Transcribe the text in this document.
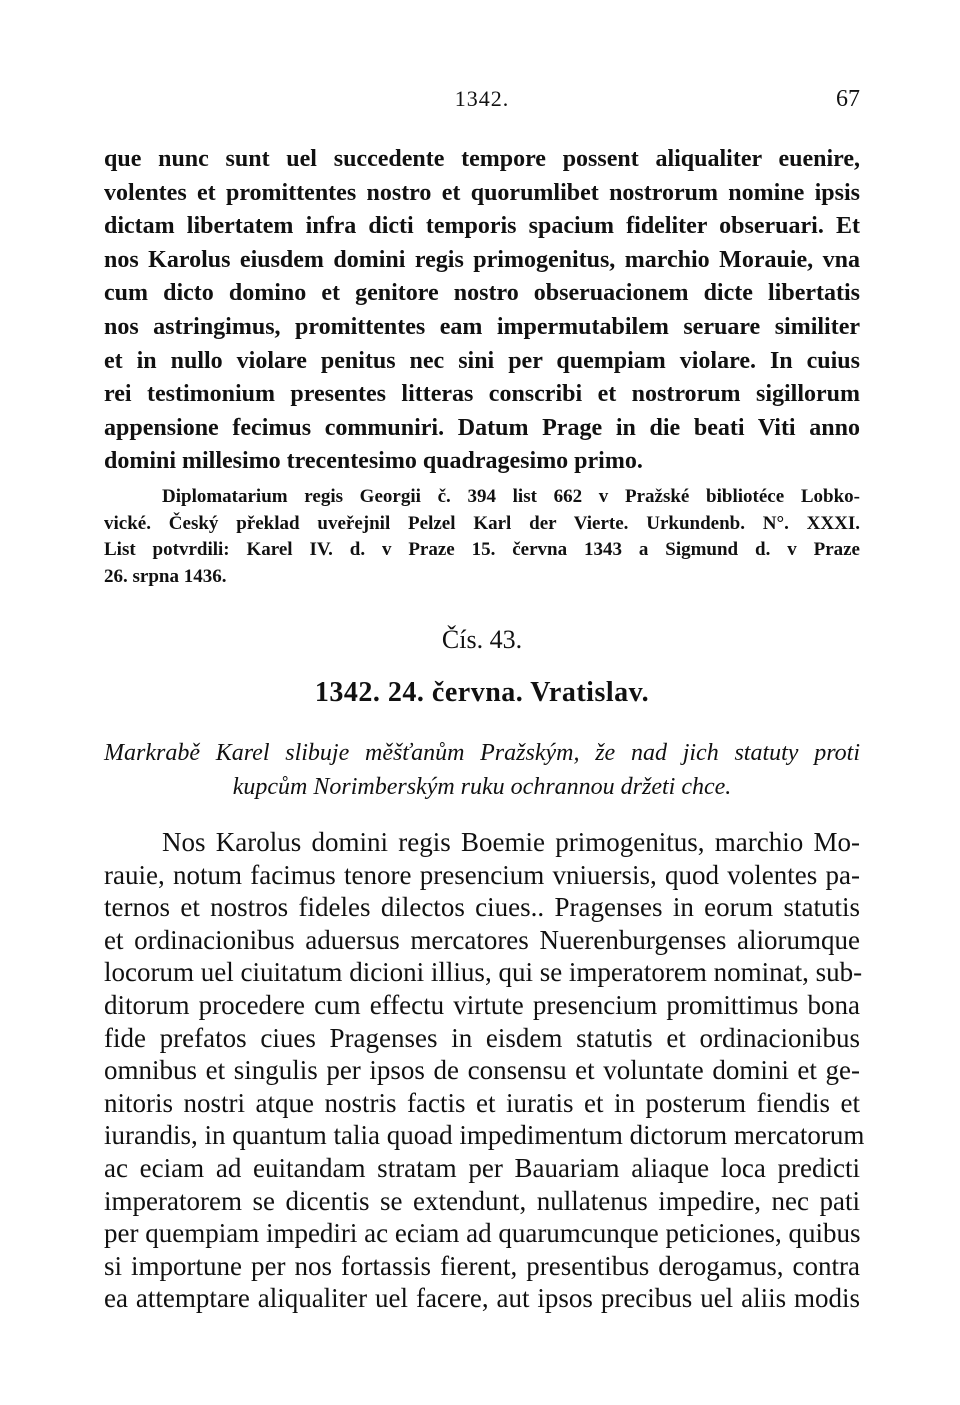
1342.	67
que nunc sunt uel succedente tempore possent aliqualiter euenire,
volentes et promittentes nostro et quorumlibet nostrorum nomine ipsis
dictam libertatem infra dicti temporis spacium fideliter obseruari. Et
nos Karolus eiusdem domini regis primogenitus, marchio Morauie, vna
cum dicto domino et genitore nostro obseruacionem dicte libertatis
nos astringimus, promittentes eam impermutabilem seruare similiter
et in nullo violare penitus nec sini per quempiam violare. In cuius
rei testimonium presentes litteras conscribi et nostrorum sigillorum
appensione fecimus communiri. Datum Prage in die beati Viti anno
domini millesimo trecentesimo quadragesimo primo.
Diplomatarium regis Georgii č. 394 list 662 v Pražské bibliotéce Lobko-
vické. Český překlad uveřejnil Pelzel Karl der Vierte. Urkundenb. N°. XXXI.
List potvrdili: Karel IV. d. v Praze 15. června 1343 a Sigmund d. v Praze
26. srpna 1436.
Čís. 43.
1342. 24. června. Vratislav.
Markrabě Karel slibuje měšťanům Pražským, že nad jich statuty proti
kupcům Norimberským ruku ochrannou držeti chce.
Nos Karolus domini regis Boemie primogenitus, marchio Mo-
rauie, notum facimus tenore presencium vniuersis, quod volentes pa-
ternos et nostros fideles dilectos ciues.. Pragenses in eorum statutis
et ordinacionibus aduersus mercatores Nuerenburgenses aliorumque
locorum uel ciuitatum dicioni illius, qui se imperatorem nominat, sub-
ditorum procedere cum effectu virtute presencium promittimus bona
fide prefatos ciues Pragenses in eisdem statutis et ordinacionibus
omnibus et singulis per ipsos de consensu et voluntate domini et ge-
nitoris nostri atque nostris factis et iuratis et in posterum fiendis et
iurandis, in quantum talia quoad impedimentum dictorum mercatorum
ac eciam ad euitandam stratam per Bauariam aliaque loca predicti
imperatorem se dicentis se extendunt, nullatenus impedire, nec pati
per quempiam impediri ac eciam ad quarumcunque peticiones, quibus
si importune per nos fortassis fierent, presentibus derogamus, contra
ea attemptare aliqualiter uel facere, aut ipsos precibus uel aliis modis
